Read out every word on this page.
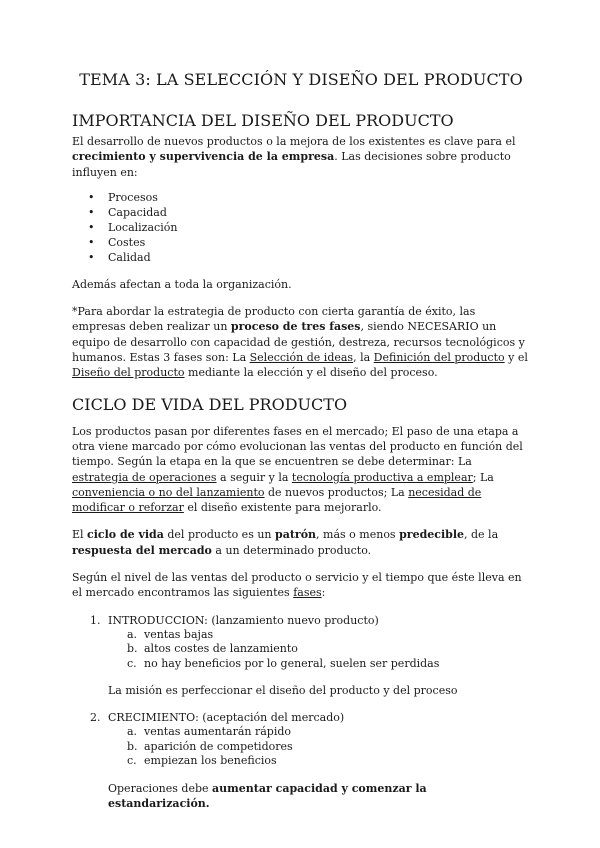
TEMA 3: LA SELECCIÓN Y DISEÑO DEL PRODUCTO
IMPORTANCIA DEL DISEÑO DEL PRODUCTO

El desarrollo de nuevos productos o la mejora de los existentes es clave para el crecimiento y supervivencia de la empresa. Las decisiones sobre producto influyen en:

• Procesos
• Capacidad
• Localización
• Costes
• Calidad

Además afectan a toda la organización.

*Para abordar la estrategia de producto con cierta garantía de éxito, las empresas deben realizar un proceso de tres fases, siendo NECESARIO un equipo de desarrollo con capacidad de gestión, destreza, recursos tecnológicos y humanos. Estas 3 fases son: La Selección de ideas, la Definición del producto y el Diseño del producto mediante la elección y el diseño del proceso.

CICLO DE VIDA DEL PRODUCTO

Los productos pasan por diferentes fases en el mercado; El paso de una etapa a otra viene marcado por cómo evolucionan las ventas del producto en función del tiempo. Según la etapa en la que se encuentren se debe determinar: La estrategia de operaciones a seguir y la tecnología productiva a emplear; La conveniencia o no del lanzamiento de nuevos productos; La necesidad de modificar o reforzar el diseño existente para mejorarlo.

El ciclo de vida del producto es un patrón, más o menos predecible, de la respuesta del mercado a un determinado producto.

Según el nivel de las ventas del producto o servicio y el tiempo que éste lleva en el mercado encontramos las siguientes fases:

1. INTRODUCCION: (lanzamiento nuevo producto)
a. ventas bajas
b. altos costes de lanzamiento
c. no hay beneficios por lo general, suelen ser perdidas

La misión es perfeccionar el diseño del producto y del proceso

2. CRECIMIENTO: (aceptación del mercado)
a. ventas aumentarán rápido
b. aparición de competidores
c. empiezan los beneficios

Operaciones debe aumentar capacidad y comenzar la estandarización.
